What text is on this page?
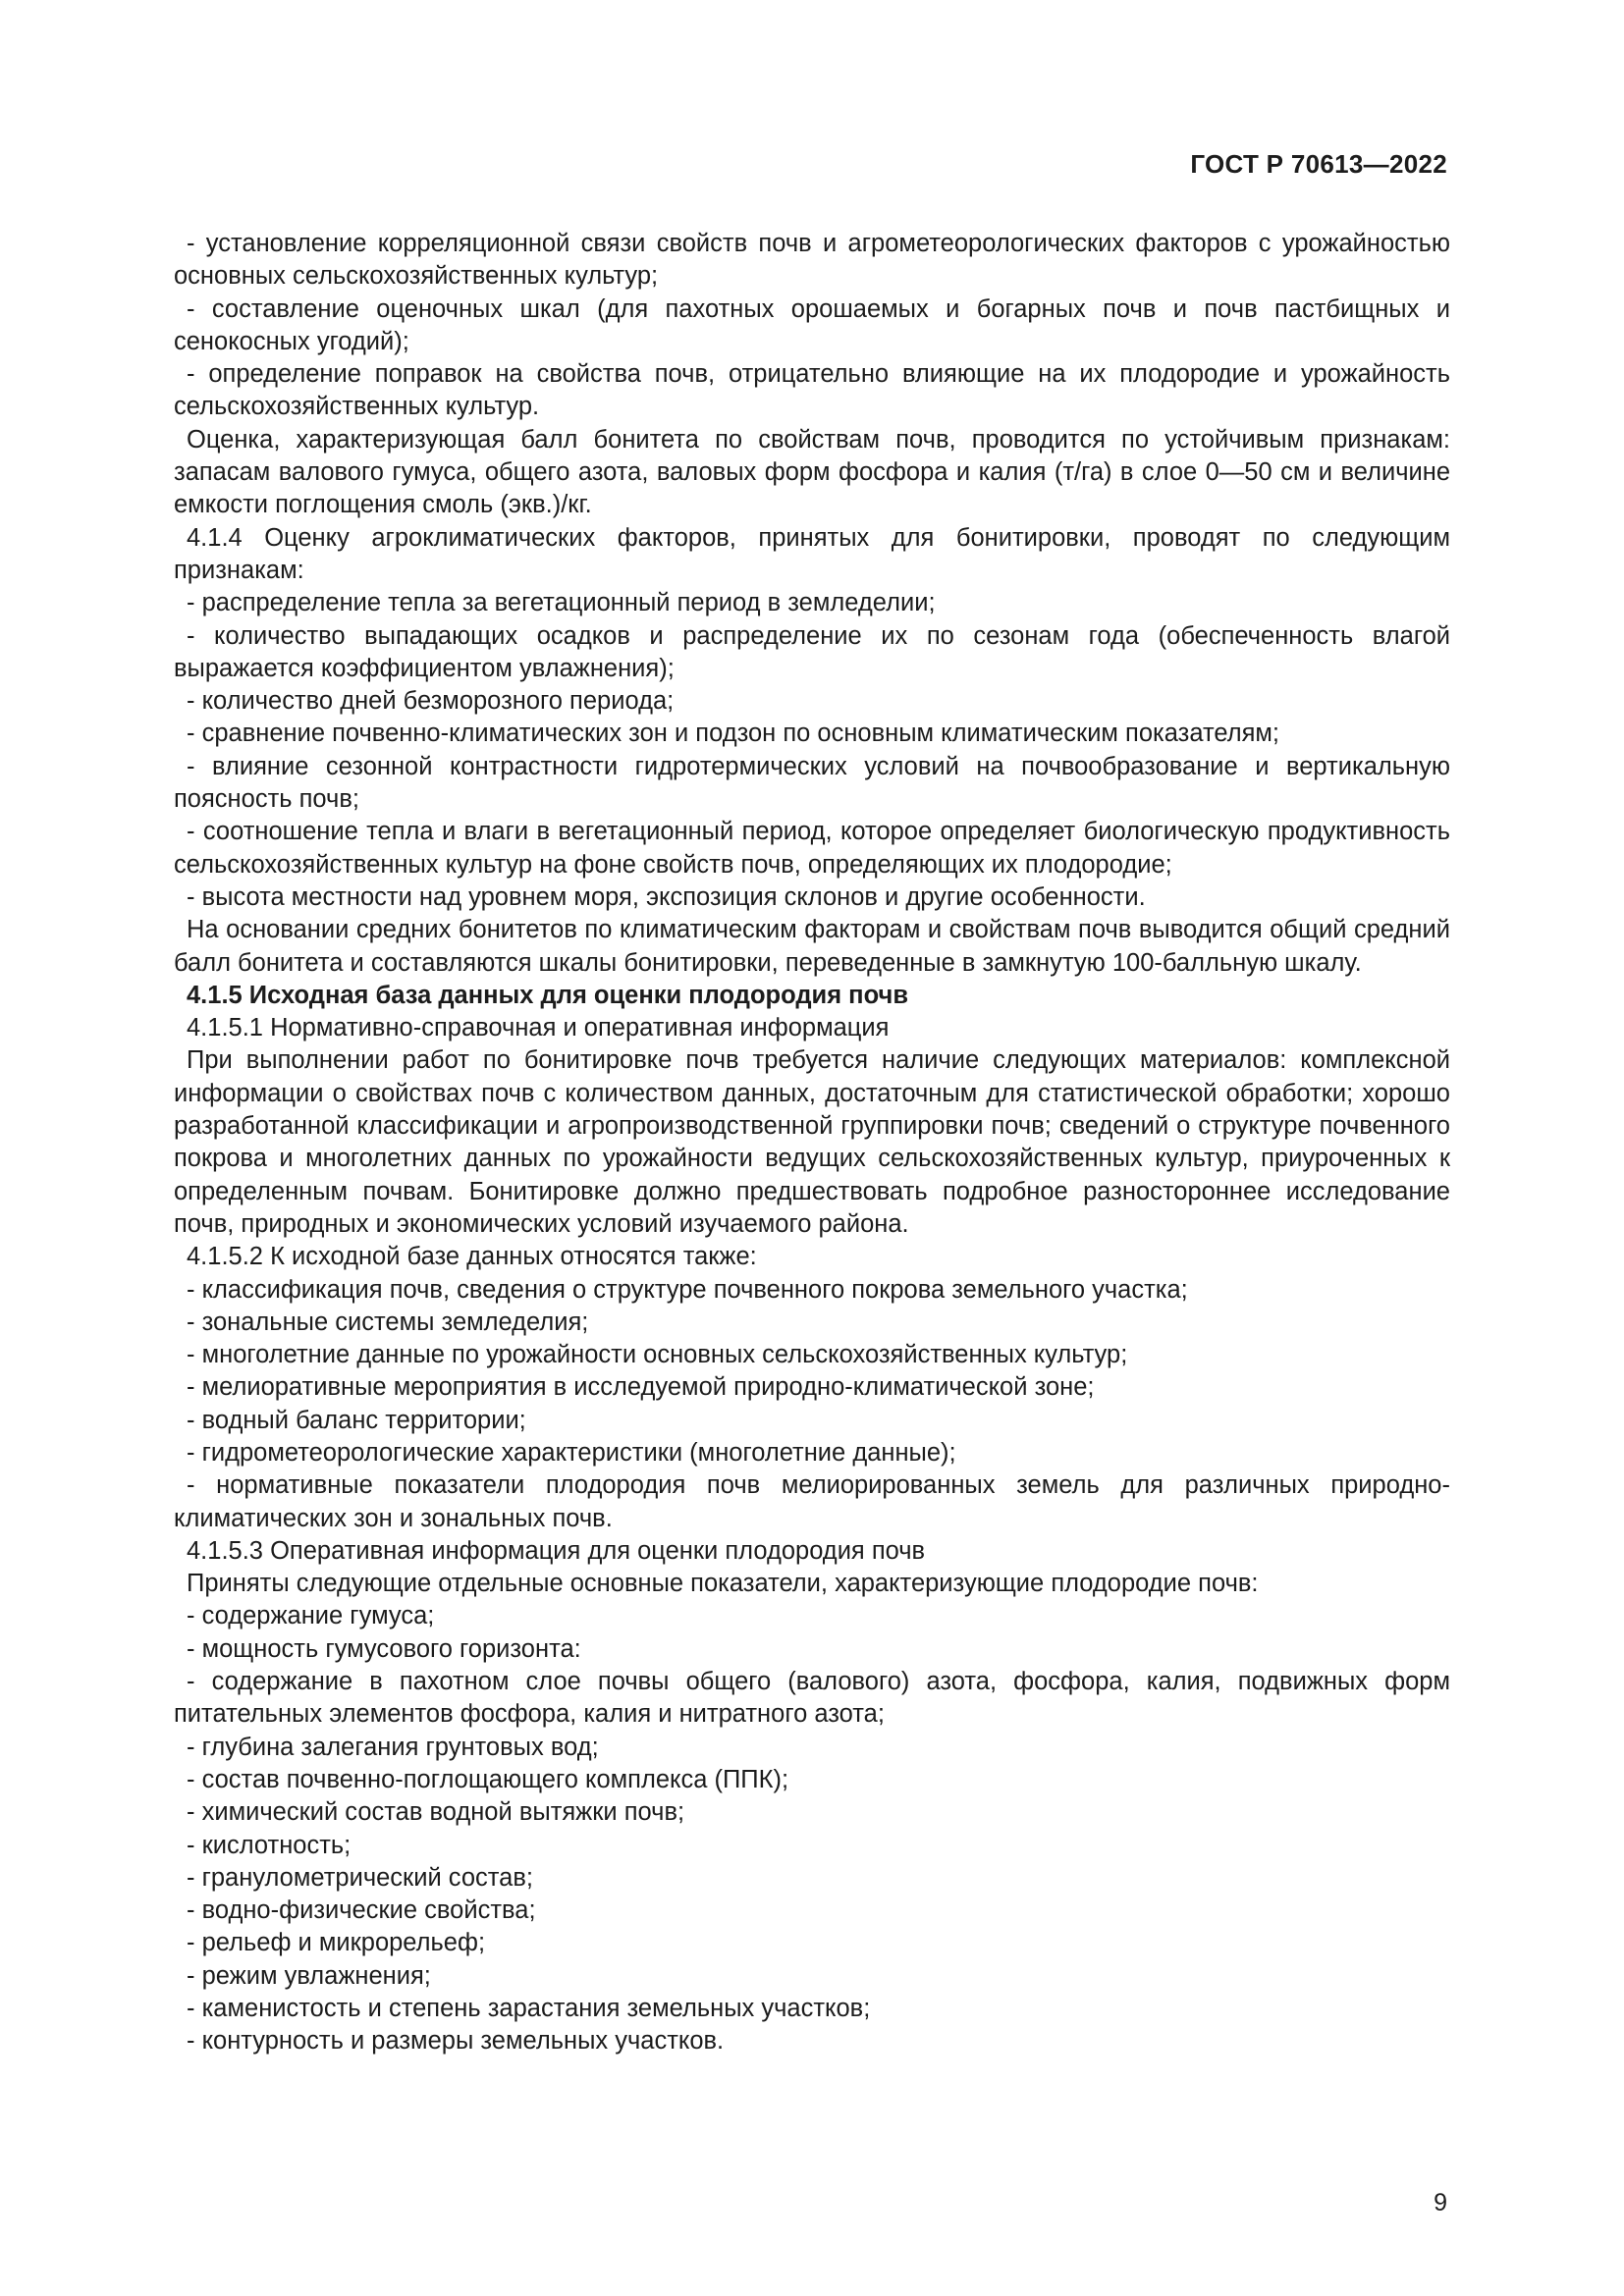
ГОСТ Р 70613—2022

- установление корреляционной связи свойств почв и агрометеорологических факторов с урожайностью основных сельскохозяйственных культур;

- составление оценочных шкал (для пахотных орошаемых и богарных почв и почв пастбищных и сенокосных угодий);

- определение поправок на свойства почв, отрицательно влияющие на их плодородие и урожайность сельскохозяйственных культур.

Оценка, характеризующая балл бонитета по свойствам почв, проводится по устойчивым признакам: запасам валового гумуса, общего азота, валовых форм фосфора и калия (т/га) в слое 0—50 см и величине емкости поглощения смоль (экв.)/кг.

4.1.4 Оценку агроклиматических факторов, принятых для бонитировки, проводят по следующим признакам:

- распределение тепла за вегетационный период в земледелии;

- количество выпадающих осадков и распределение их по сезонам года (обеспеченность влагой выражается коэффициентом увлажнения);

- количество дней безморозного периода;

- сравнение почвенно-климатических зон и подзон по основным климатическим показателям;

- влияние сезонной контрастности гидротермических условий на почвообразование и вертикальную поясность почв;

- соотношение тепла и влаги в вегетационный период, которое определяет биологическую продуктивность сельскохозяйственных культур на фоне свойств почв, определяющих их плодородие;

- высота местности над уровнем моря, экспозиция склонов и другие особенности.

На основании средних бонитетов по климатическим факторам и свойствам почв выводится общий средний балл бонитета и составляются шкалы бонитировки, переведенные в замкнутую 100-балльную шкалу.

4.1.5 Исходная база данных для оценки плодородия почв

4.1.5.1 Нормативно-справочная и оперативная информация

При выполнении работ по бонитировке почв требуется наличие следующих материалов: комплексной информации о свойствах почв с количеством данных, достаточным для статистической обработки; хорошо разработанной классификации и агропроизводственной группировки почв; сведений о структуре почвенного покрова и многолетних данных по урожайности ведущих сельскохозяйственных культур, приуроченных к определенным почвам. Бонитировке должно предшествовать подробное разностороннее исследование почв, природных и экономических условий изучаемого района.

4.1.5.2 К исходной базе данных относятся также:

- классификация почв, сведения о структуре почвенного покрова земельного участка;

- зональные системы земледелия;

- многолетние данные по урожайности основных сельскохозяйственных культур;

- мелиоративные мероприятия в исследуемой природно-климатической зоне;

- водный баланс территории;

- гидрометеорологические характеристики (многолетние данные);

- нормативные показатели плодородия почв мелиорированных земель для различных природно-климатических зон и зональных почв.

4.1.5.3 Оперативная информация для оценки плодородия почв

Приняты следующие отдельные основные показатели, характеризующие плодородие почв:

- содержание гумуса;

- мощность гумусового горизонта:

- содержание в пахотном слое почвы общего (валового) азота, фосфора, калия, подвижных форм питательных элементов фосфора, калия и нитратного азота;

- глубина залегания грунтовых вод;

- состав почвенно-поглощающего комплекса (ППК);

- химический состав водной вытяжки почв;

- кислотность;

- гранулометрический состав;

- водно-физические свойства;

- рельеф и микрорельеф;

- режим увлажнения;

- каменистость и степень зарастания земельных участков;

- контурность и размеры земельных участков.

9
